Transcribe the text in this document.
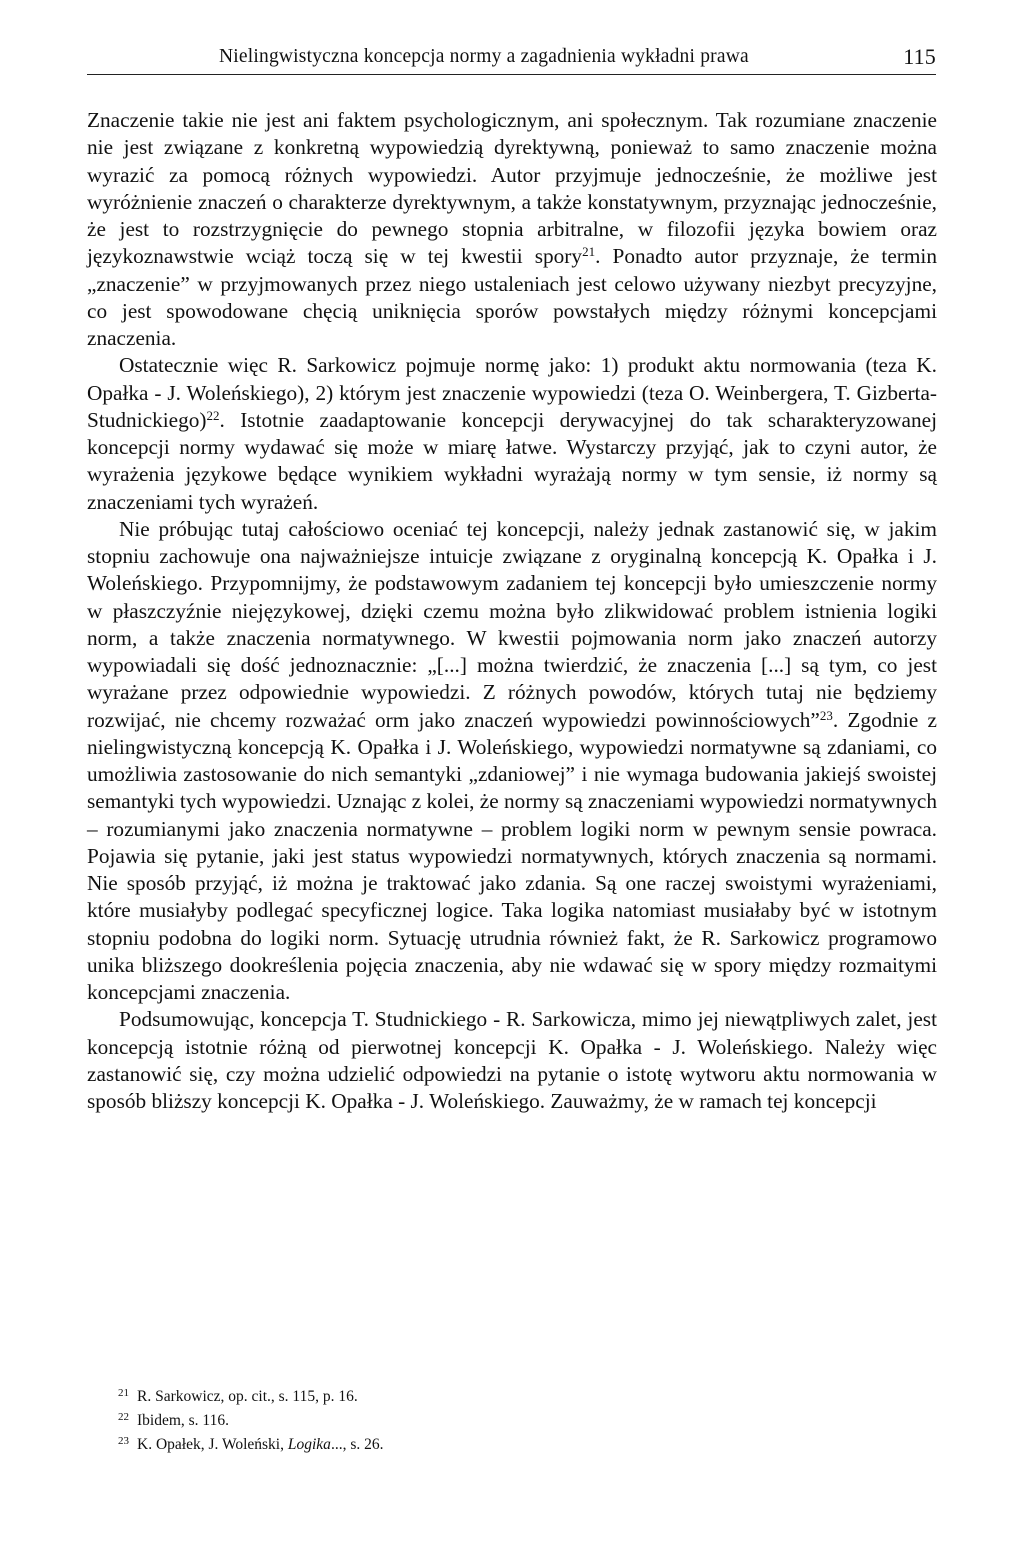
Nielingwistyczna koncepcja normy a zagadnienia wykładni prawa	115

Znaczenie takie nie jest ani faktem psychologicznym, ani społecznym. Tak rozumiane znaczenie nie jest związane z konkretną wypowiedzią dyrektywną, ponieważ to samo znaczenie można wyrazić za pomocą różnych wypowiedzi. Autor przyjmuje jednocześnie, że możliwe jest wyróżnienie znaczeń o charakterze dyrektywnym, a także konstatywnym, przyznając jednocześnie, że jest to rozstrzygnięcie do pewnego stopnia arbitralne, w filozofii języka bowiem oraz językoznawstwie wciąż toczą się w tej kwestii spory$^{21}$. Ponadto autor przyznaje, że termin „znaczenie” w przyjmowanych przez niego ustaleniach jest celowo używany niezbyt precyzyjne, co jest spowodowane chęcią uniknięcia sporów powstałych między różnymi koncepcjami znaczenia.

Ostatecznie więc R. Sarkowicz pojmuje normę jako: 1) produkt aktu normowania (teza K. Opałka - J. Woleńskiego), 2) którym jest znaczenie wypowiedzi (teza O. Weinbergera, T. Gizberta-Studnickiego)$^{22}$. Istotnie zaadaptowanie koncepcji derywacyjnej do tak scharakteryzowanej koncepcji normy wydawać się może w miarę łatwe. Wystarczy przyjąć, jak to czyni autor, że wyrażenia językowe będące wynikiem wykładni wyrażają normy w tym sensie, iż normy są znaczeniami tych wyrażeń.

Nie próbując tutaj całościowo oceniać tej koncepcji, należy jednak zastanowić się, w jakim stopniu zachowuje ona najważniejsze intuicje związane z oryginalną koncepcją K. Opałka i J. Woleńskiego. Przypomnijmy, że podstawowym zadaniem tej koncepcji było umieszczenie normy w płaszczyźnie niejęzykowej, dzięki czemu można było zlikwidować problem istnienia logiki norm, a także znaczenia normatywnego. W kwestii pojmowania norm jako znaczeń autorzy wypowiadali się dość jednoznacznie: „[...] można twierdzić, że znaczenia [...] są tym, co jest wyrażane przez odpowiednie wypowiedzi. Z różnych powodów, których tutaj nie będziemy rozwijać, nie chcemy rozważać orm jako znaczeń wypowiedzi powinnościowych”$^{23}$. Zgodnie z nielingwistyczną koncepcją K. Opałka i J. Woleńskiego, wypowiedzi normatywne są zdaniami, co umożliwia zastosowanie do nich semantyki „zdaniowej” i nie wymaga budowania jakiejś swoistej semantyki tych wypowiedzi. Uznając z kolei, że normy są znaczeniami wypowiedzi normatywnych – rozumianymi jako znaczenia normatywne – problem logiki norm w pewnym sensie powraca. Pojawia się pytanie, jaki jest status wypowiedzi normatywnych, których znaczenia są normami. Nie sposób przyjąć, iż można je traktować jako zdania. Są one raczej swoistymi wyrażeniami, które musiałyby podlegać specyficznej logice. Taka logika natomiast musiałaby być w istotnym stopniu podobna do logiki norm. Sytuację utrudnia również fakt, że R. Sarkowicz programowo unika bliższego dookreślenia pojęcia znaczenia, aby nie wdawać się w spory między rozmaitymi koncepcjami znaczenia.

Podsumowując, koncepcja T. Studnickiego - R. Sarkowicza, mimo jej niewątpliwych zalet, jest koncepcją istotnie różną od pierwotnej koncepcji K. Opałka - J. Woleńskiego. Należy więc zastanowić się, czy można udzielić odpowiedzi na pytanie o istotę wytworu aktu normowania w sposób bliższy koncepcji K. Opałka - J. Woleńskiego. Zauważmy, że w ramach tej koncepcji

$^{21}$ R. Sarkowicz, op. cit., s. 115, p. 16.
$^{22}$ Ibidem, s. 116.
$^{23}$ K. Opałek, J. Woleński, Logika..., s. 26.
